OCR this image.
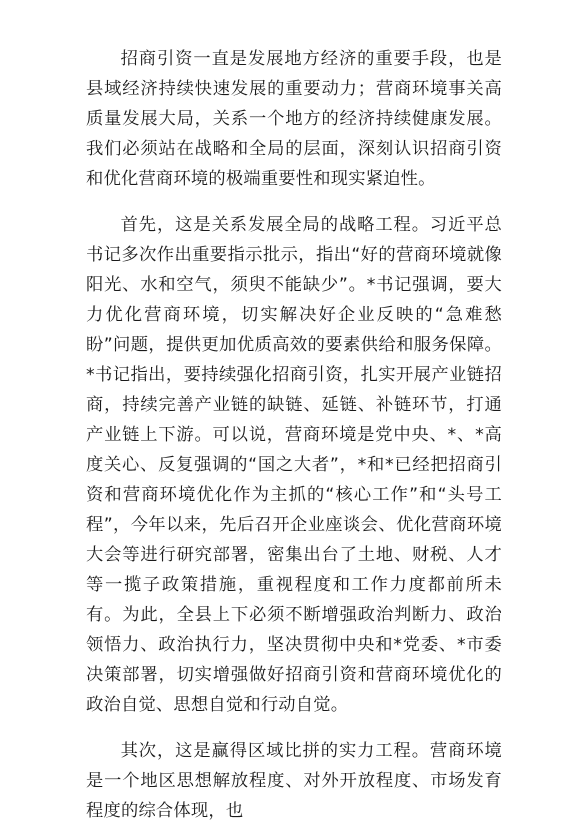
招商引资一直是发展地方经济的重要手段，也是县域经济持续快速发展的重要动力；营商环境事关高质量发展大局，关系一个地方的经济持续健康发展。我们必须站在战略和全局的层面，深刻认识招商引资和优化营商环境的极端重要性和现实紧迫性。

首先，这是关系发展全局的战略工程。习近平总书记多次作出重要指示批示，指出“好的营商环境就像阳光、水和空气，须臾不能缺少”。*书记强调，要大力优化营商环境，切实解决好企业反映的“急难愁盼”问题，提供更加优质高效的要素供给和服务保障。*书记指出，要持续强化招商引资，扎实开展产业链招商，持续完善产业链的缺链、延链、补链环节，打通产业链上下游。可以说，营商环境是党中央、*、*高度关心、反复强调的“国之大者”，*和*已经把招商引资和营商环境优化作为主抓的“核心工作”和“头号工程”，今年以来，先后召开企业座谈会、优化营商环境大会等进行研究部署，密集出台了土地、财税、人才等一揽子政策措施，重视程度和工作力度都前所未有。为此，全县上下必须不断增强政治判断力、政治领悟力、政治执行力，坚决贯彻中央和*党委、*市委决策部署，切实增强做好招商引资和营商环境优化的政治自觉、思想自觉和行动自觉。

其次，这是赢得区域比拼的实力工程。营商环境是一个地区思想解放程度、对外开放程度、市场发育程度的综合体现，也
